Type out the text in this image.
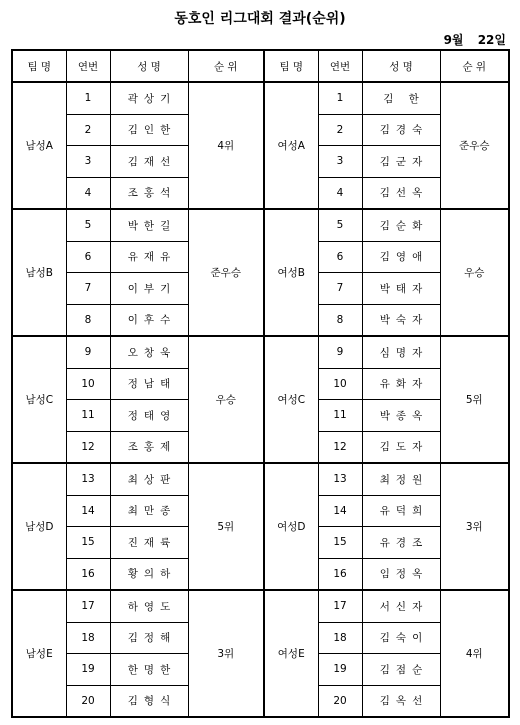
동호인 리그대회 결과(순위)
9월 22일
팀 명	연번	성 명	순 위	팀 명	연번	성 명	순 위
남성A	1	곽상기	4위	여성A	1	김 한	준우승
	2	김인한			2	김경숙	
	3	김재선			3	김군자	
	4	조홍석			4	김선옥	
남성B	5	박한길	준우승	여성B	5	김순화	우승
	6	유재유			6	김영애	
	7	이부기			7	박태자	
	8	이후수			8	박숙자	
남성C	9	오창욱	우승	여성C	9	심명자	5위
	10	정남태			10	유화자	
	11	정태영			11	박종옥	
	12	조홍제			12	김도자	
남성D	13	최상판	5위	여성D	13	최정원	3위
	14	최만종			14	유덕희	
	15	진재륙			15	유경조	
	16	황의하			16	임정옥	
남성E	17	하영도	3위	여성E	17	서신자	4위
	18	김정해			18	김숙이	
	19	한명한			19	김점순	
	20	김형식			20	김옥선	
